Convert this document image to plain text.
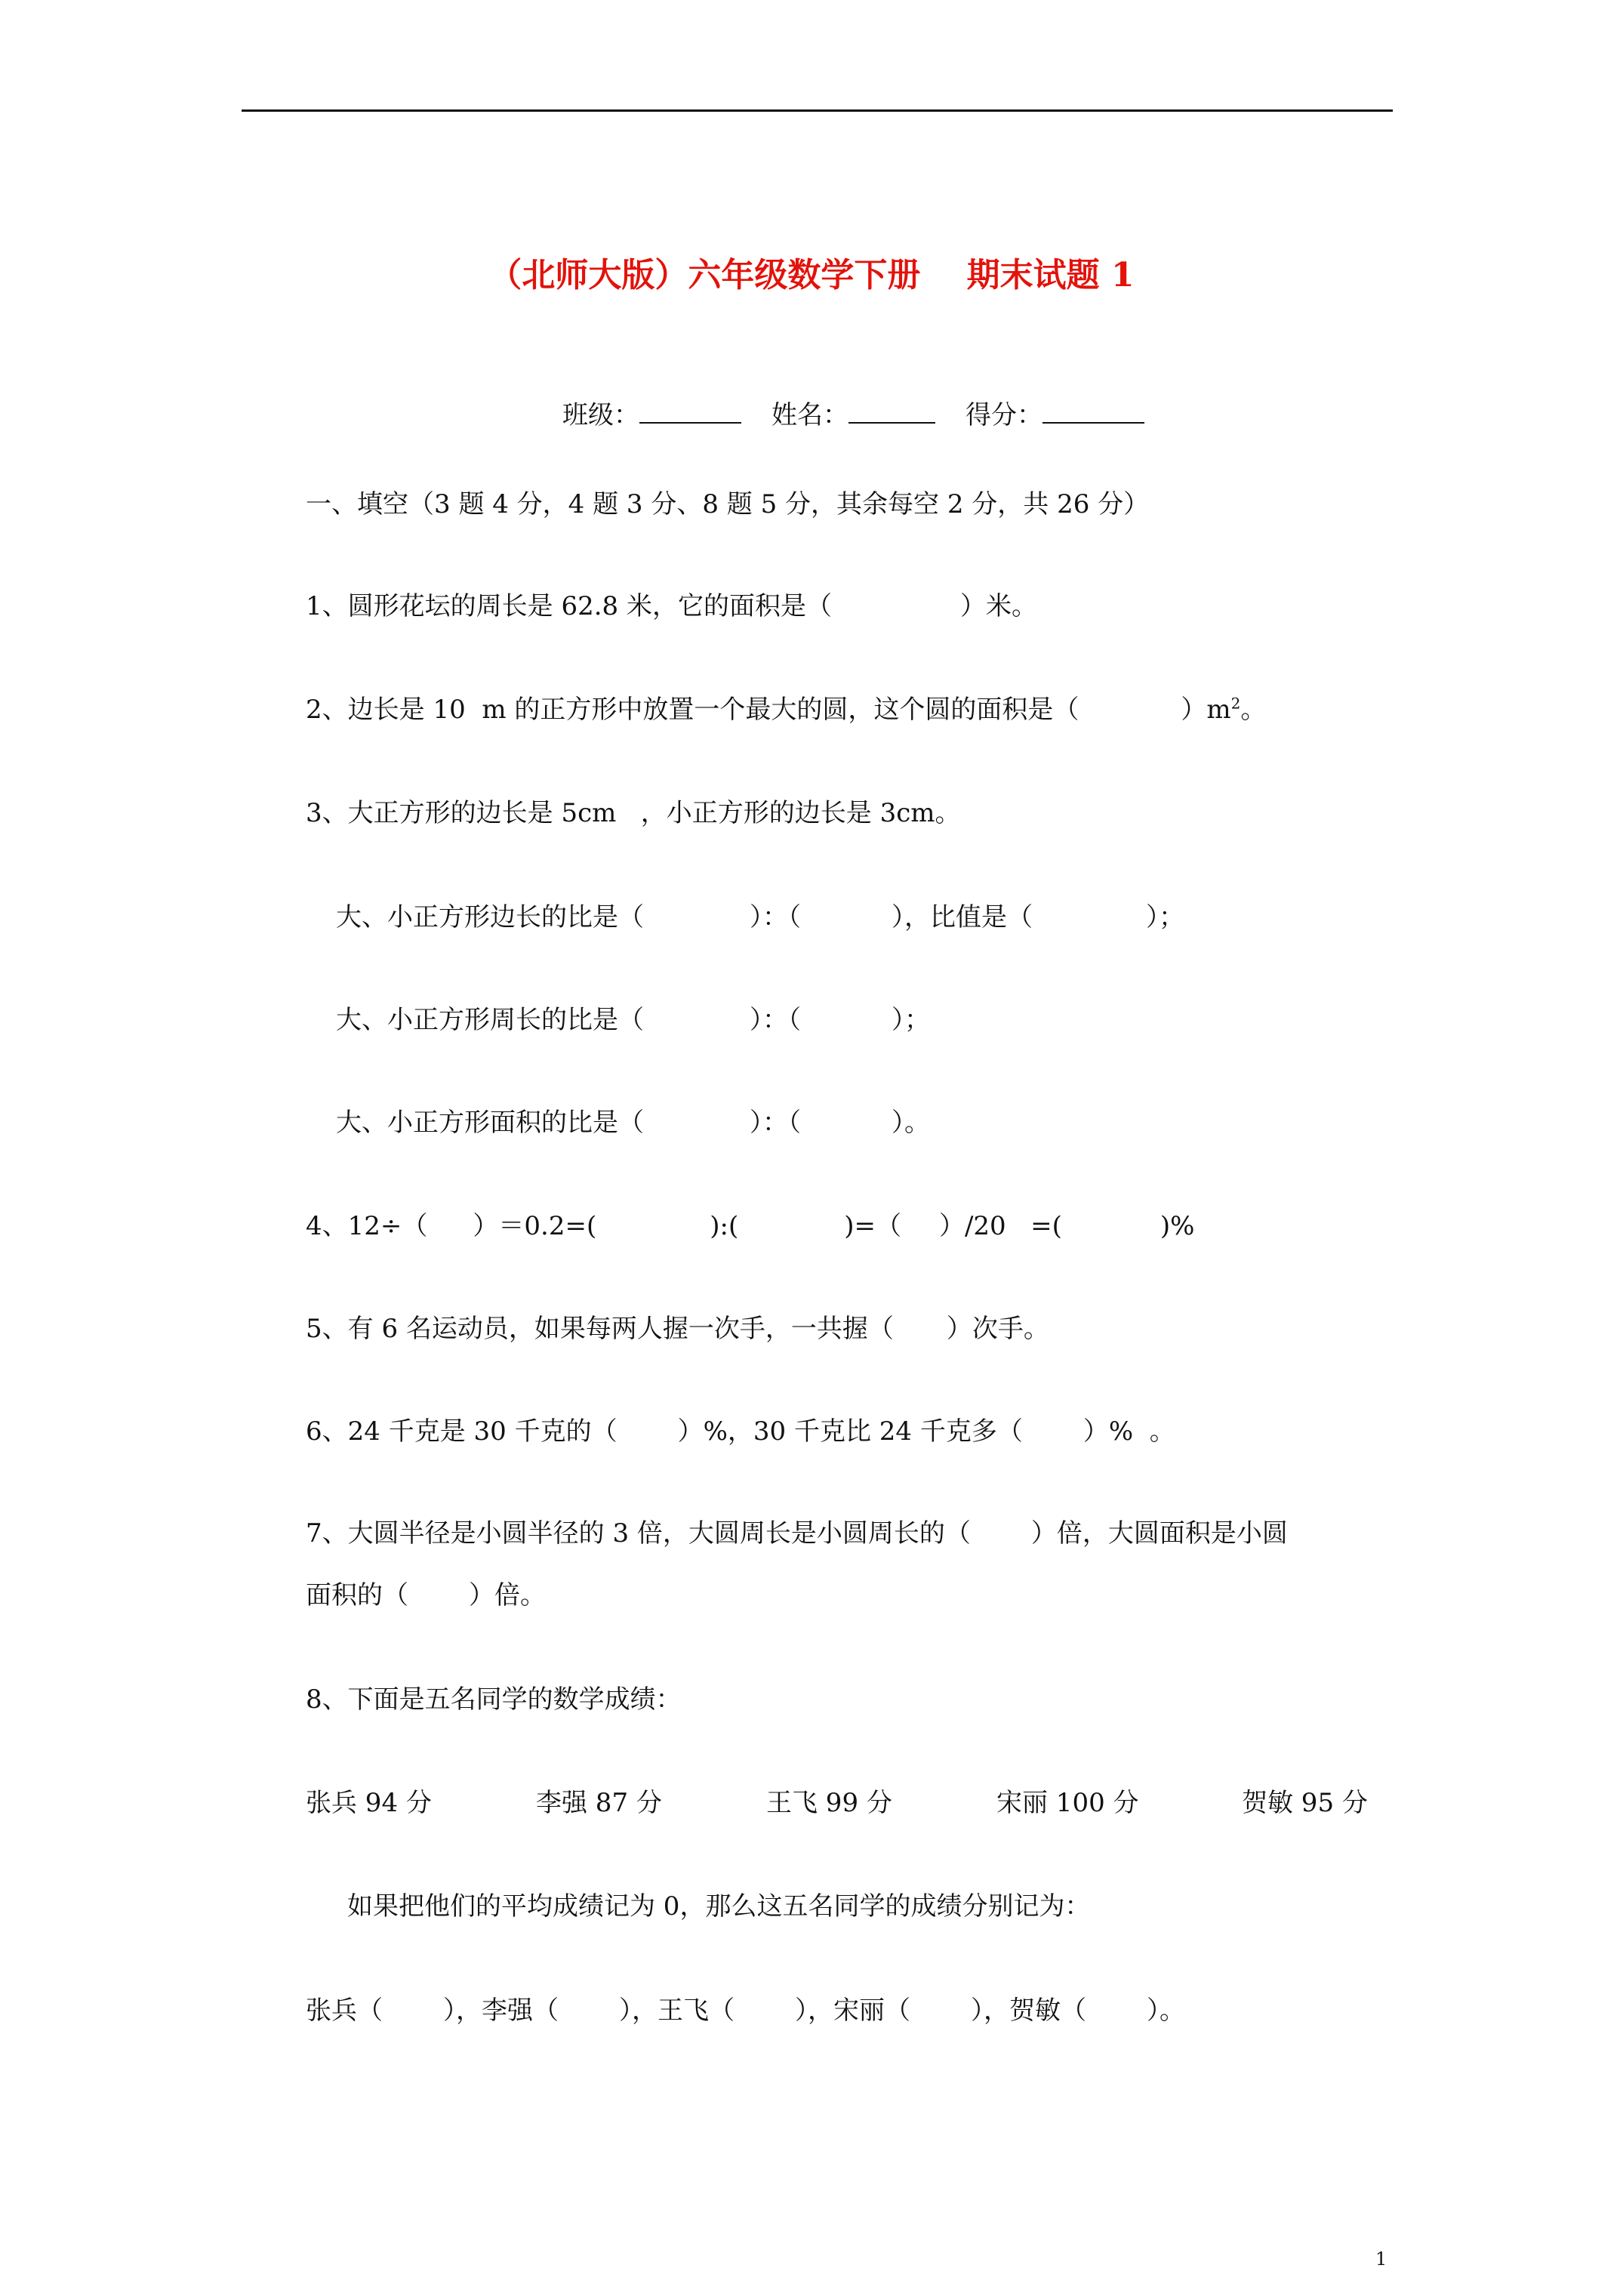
（北师大版）六年级数学下册    期末试题 1
班级：	姓名：	得分：
一、填空（3 题 4 分，4 题 3 分、8 题 5 分，其余每空 2 分，共 26 分）
1、圆形花坛的周长是 62.8 米，它的面积是（	）米。
2、边长是 10  m 的正方形中放置一个最大的圆，这个圆的面积是（	）$m^2$。
3、大正方形的边长是 5cm   ，小正方形的边长是 3cm。
大、小正方形边长的比是（	）：（	），比值是（	）；
大、小正方形周长的比是（	）：（	）；
大、小正方形面积的比是（	）：（	）。
4、12÷（ ）＝0.2=(	):(	)=（ ）/20   =(	)%
5、有 6 名运动员，如果每两人握一次手，一共握（ ）次手。
6、24 千克是 30 千克的（ ）%，30 千克比 24 千克多（ ）%  。
7、大圆半径是小圆半径的 3 倍，大圆周长是小圆周长的（ ）倍，大圆面积是小圆
面积的（ ）倍。
8、下面是五名同学的数学成绩：
张兵 94 分	李强 87 分	王飞 99 分	宋丽 100 分	贺敏 95 分
如果把他们的平均成绩记为 0，那么这五名同学的成绩分别记为：
张兵（ ），李强（ ），王飞（ ），宋丽（ ），贺敏（ ）。
1
